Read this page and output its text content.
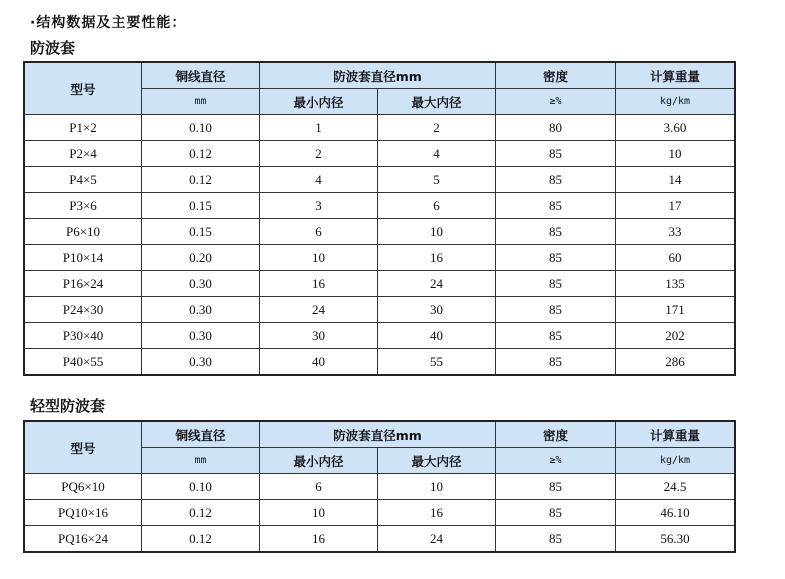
·结构数据及主要性能：
防波套
型号	铜线直径	防波套直径mm		密度	计算重量
	mm	最小内径	最大内径	≥%	kg/km
P1×2	0.10	1	2	80	3.60
P2×4	0.12	2	4	85	10
P4×5	0.12	4	5	85	14
P3×6	0.15	3	6	85	17
P6×10	0.15	6	10	85	33
P10×14	0.20	10	16	85	60
P16×24	0.30	16	24	85	135
P24×30	0.30	24	30	85	171
P30×40	0.30	30	40	85	202
P40×55	0.30	40	55	85	286
轻型防波套
型号	铜线直径	防波套直径mm		密度	计算重量
	mm	最小内径	最大内径	≥%	kg/km
PQ6×10	0.10	6	10	85	24.5
PQ10×16	0.12	10	16	85	46.10
PQ16×24	0.12	16	24	85	56.30
